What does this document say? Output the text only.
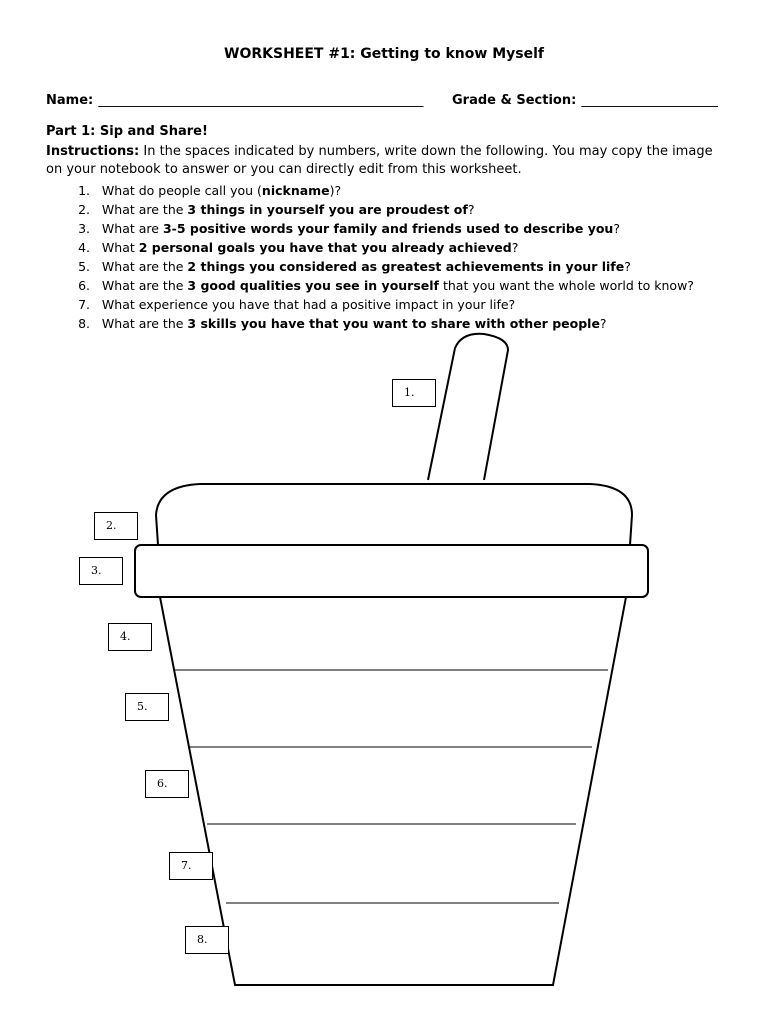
WORKSHEET #1: Getting to know Myself
Name: __________________________________________________ Grade & Section: _____________________
Part 1: Sip and Share!
Instructions: In the spaces indicated by numbers, write down the following. You may copy the image on your notebook to answer or you can directly edit from this worksheet.
1. What do people call you (nickname)?
2. What are the 3 things in yourself you are proudest of?
3. What are 3-5 positive words your family and friends used to describe you?
4. What 2 personal goals you have that you already achieved?
5. What are the 2 things you considered as greatest achievements in your life?
6. What are the 3 good qualities you see in yourself that you want the whole world to know?
7. What experience you have that had a positive impact in your life?
8. What are the 3 skills you have that you want to share with other people?
1.
2.
3.
4.
5.
6.
7.
8.
